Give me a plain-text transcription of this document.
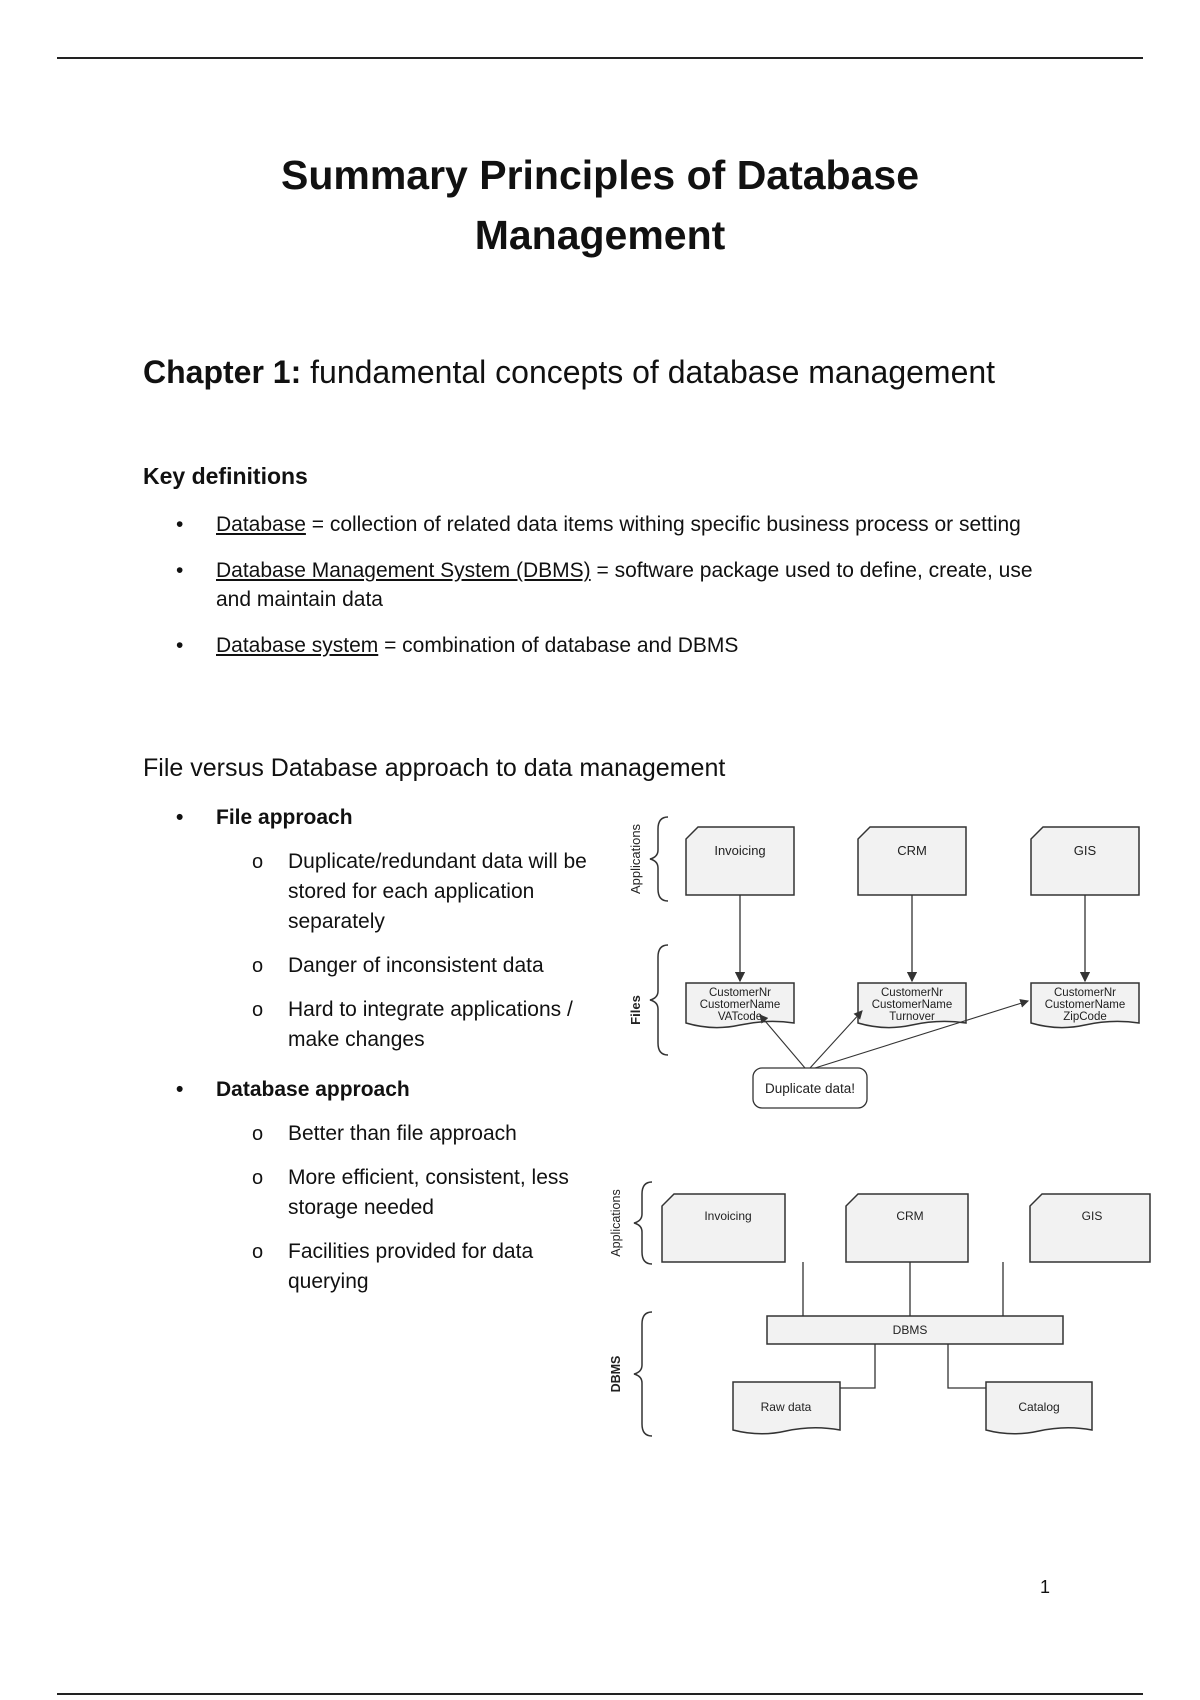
Summary Principles of Database
Management
Chapter 1: fundamental concepts of database management
Key definitions
• Database = collection of related data items withing specific business process or setting
• Database Management System (DBMS) = software package used to define, create, use and maintain data
• Database system = combination of database and DBMS
File versus Database approach to data management
• File approach
o Duplicate/redundant data will be stored for each application separately
o Danger of inconsistent data
o Hard to integrate applications / make changes
• Database approach
o Better than file approach
o More efficient, consistent, less storage needed
o Facilities provided for data querying
Applications
Files
Invoicing	CRM	GIS
CustomerNr
CustomerName
VATcode
CustomerNr
CustomerName
Turnover
CustomerNr
CustomerName
ZipCode
Duplicate data!
Applications
DBMS
Invoicing	CRM	GIS
DBMS
Raw data	Catalog
1
